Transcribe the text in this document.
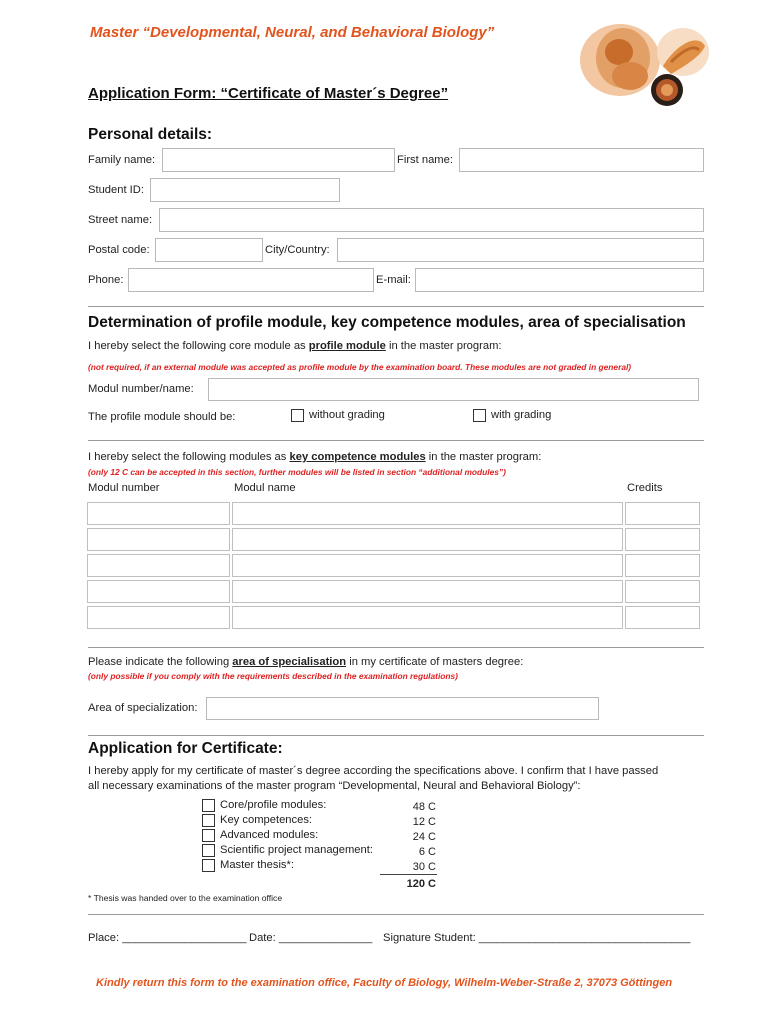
Master “Developmental, Neural, and Behavioral Biology”
Application Form: “Certificate of Master´s Degree”
Personal details:
Family name:	First name:
Student ID:
Street name:
Postal code:	City/Country:
Phone:	E-mail:
Determination of profile module, key competence modules, area of specialisation
I hereby select the following core module as profile module in the master program:
(not required, if an external module was accepted as profile module by the examination board. These modules are not graded in general)
Modul number/name:
The profile module should be:	without grading	with grading
I hereby select the following modules as key competence modules in the master program:
(only 12 C can be accepted in this section, further modules will be listed in section “additional modules”)
Modul number	Modul name	Credits
Please indicate the following area of specialisation in my certificate of masters degree:
(only possible if you comply with the requirements described in the examination regulations)
Area of specialization:
Application for Certificate:
I hereby apply for my certificate of master´s degree according the specifications above. I confirm that I have passed
all necessary examinations of the master program “Developmental, Neural and Behavioral Biology”:
Core/profile modules:	48 C
Key competences:	12 C
Advanced modules:	24 C
Scientific project management:	6 C
Master thesis*:	30 C
120 C
* Thesis was handed over to the examination office
Place: ____________________ Date: _______________ Signature Student: __________________________________
Kindly return this form to the examination office, Faculty of Biology, Wilhelm-Weber-Straße 2, 37073 Göttingen
